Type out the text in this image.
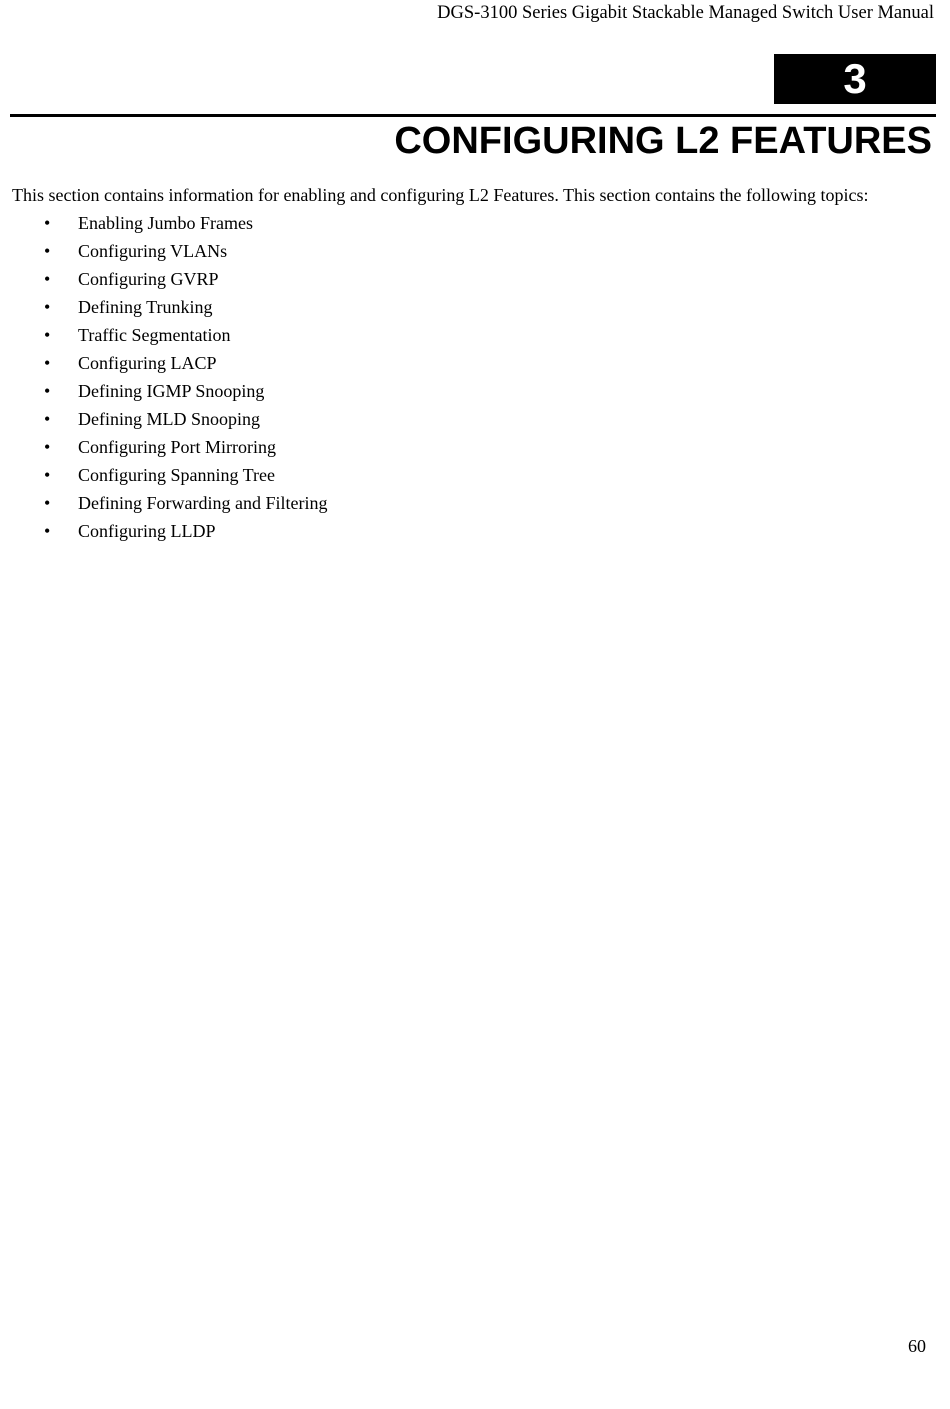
DGS-3100 Series Gigabit Stackable Managed Switch User Manual
3
CONFIGURING L2 FEATURES
This section contains information for enabling and configuring L2 Features. This section contains the following topics:
• Enabling Jumbo Frames
• Configuring VLANs
• Configuring GVRP
• Defining Trunking
• Traffic Segmentation
• Configuring LACP
• Defining IGMP Snooping
• Defining MLD Snooping
• Configuring Port Mirroring
• Configuring Spanning Tree
• Defining Forwarding and Filtering
• Configuring LLDP
60
